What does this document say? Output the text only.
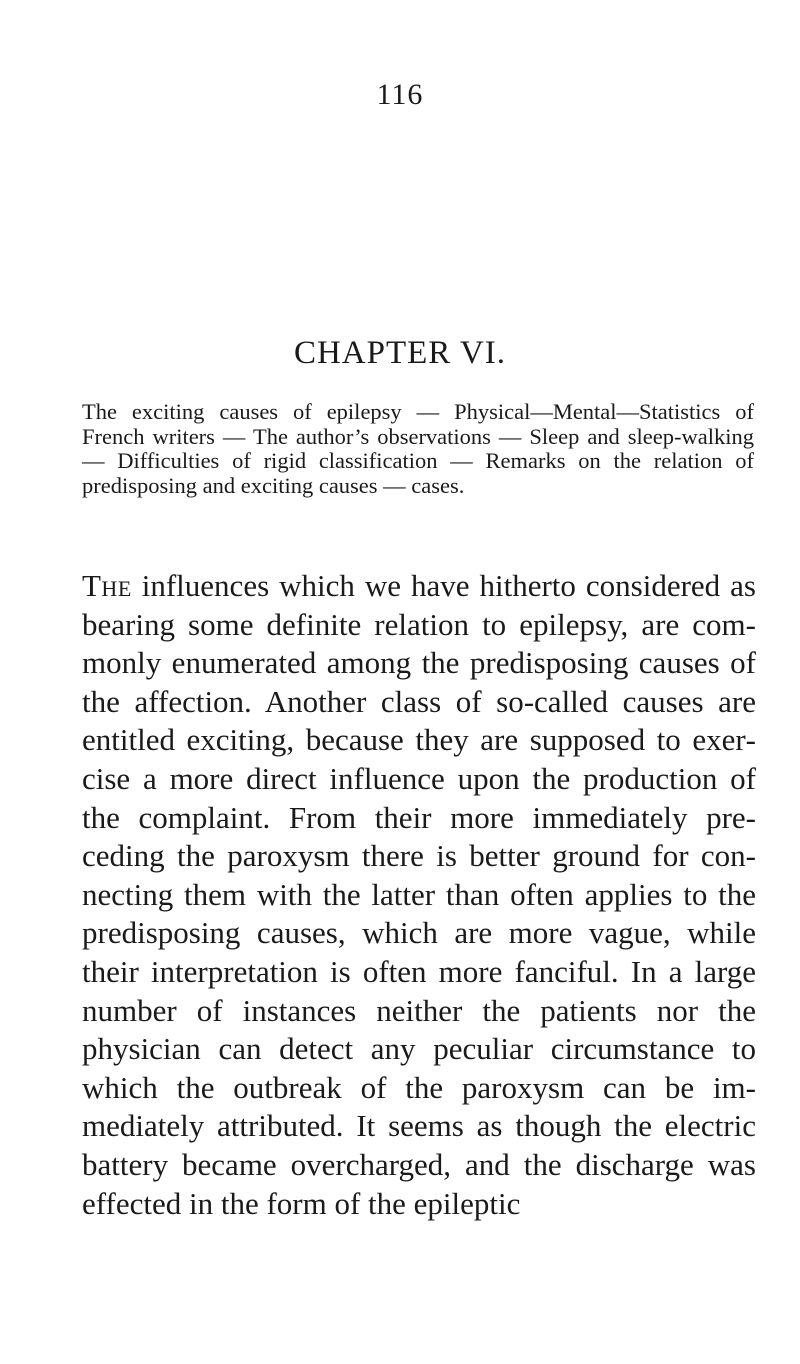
116
CHAPTER VI.
The exciting causes of epilepsy — Physical—Mental—Statistics of French writers — The author’s observations — Sleep and sleep-walking — Difficulties of rigid classification — Remarks on the relation of predisposing and exciting causes — cases.
The influences which we have hitherto considered as bearing some definite relation to epilepsy, are commonly enumerated among the predisposing causes of the affection. Another class of so-called causes are entitled exciting, because they are supposed to exercise a more direct influence upon the production of the complaint. From their more immediately preceding the paroxysm there is better ground for connecting them with the latter than often applies to the predisposing causes, which are more vague, while their interpretation is often more fanciful. In a large number of instances neither the patients nor the physician can detect any peculiar circumstance to which the outbreak of the paroxysm can be immediately attributed. It seems as though the electric battery became overcharged, and the discharge was effected in the form of the epileptic
